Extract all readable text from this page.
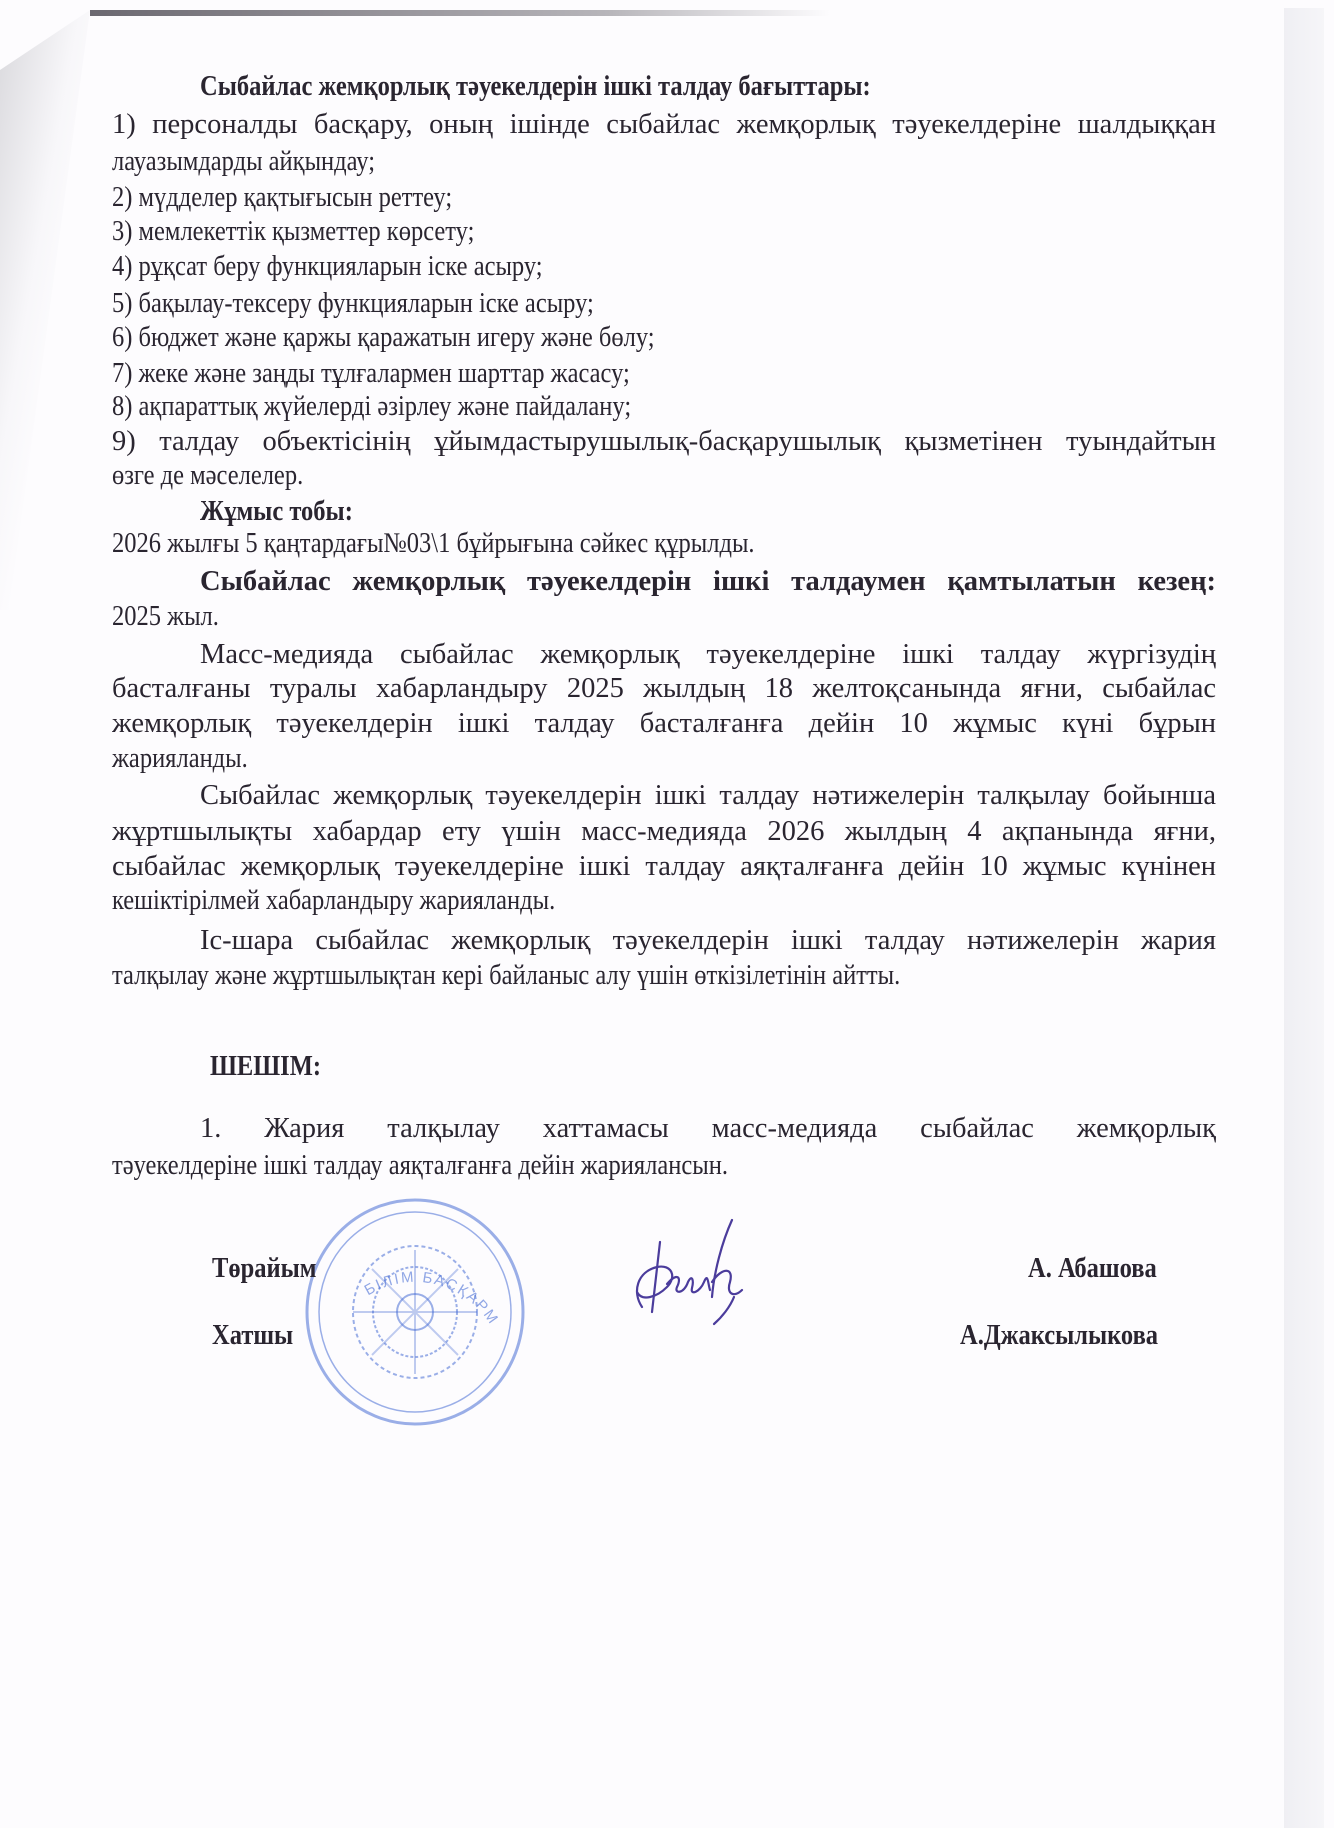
Сыбайлас жемқорлық тәуекелдерін ішкі талдау бағыттары:
1) персоналды басқару, оның ішінде сыбайлас жемқорлық тәуекелдеріне шалдыққан
лауазымдарды айқындау;
2) мүдделер қақтығысын реттеу;
3) мемлекеттік қызметтер көрсету;
4) рұқсат беру функцияларын іске асыру;
5) бақылау-тексеру функцияларын іске асыру;
6) бюджет және қаржы қаражатын игеру және бөлу;
7) жеке және заңды тұлғалармен шарттар жасасу;
8) ақпараттық жүйелерді әзірлеу және пайдалану;
9) талдау объектісінің ұйымдастырушылық-басқарушылық қызметінен туындайтын
өзге де мәселелер.
Жұмыс тобы:
2026 жылғы 5 қаңтардағы№03\1 бұйрығына сәйкес құрылды.
Сыбайлас жемқорлық тәуекелдерін ішкі талдаумен қамтылатын кезең:
2025 жыл.
Масс-медияда сыбайлас жемқорлық тәуекелдеріне ішкі талдау жүргізудің
басталғаны туралы хабарландыру 2025 жылдың 18 желтоқсанында яғни, сыбайлас
жемқорлық тәуекелдерін ішкі талдау басталғанға дейін 10 жұмыс күні бұрын
жарияланды.
Сыбайлас жемқорлық тәуекелдерін ішкі талдау нәтижелерін талқылау бойынша
жұртшылықты хабардар ету үшін масс-медияда 2026 жылдың 4 ақпанында яғни,
сыбайлас жемқорлық тәуекелдеріне ішкі талдау аяқталғанға дейін 10 жұмыс күнінен
кешіктірілмей хабарландыру жарияланды.
Іс-шара сыбайлас жемқорлық тәуекелдерін ішкі талдау нәтижелерін жария
талқылау және жұртшылықтан кері байланыс алу үшін өткізілетінін айтты.
ШЕШІМ:
1. Жария талқылау хаттамасы масс-медияда сыбайлас жемқорлық
тәуекелдеріне ішкі талдау аяқталғанға дейін жариялансын.
БІЛІМ БАСҚАРМ
Төрайым	А. Абашова
Хатшы	А.Джаксылыкова
